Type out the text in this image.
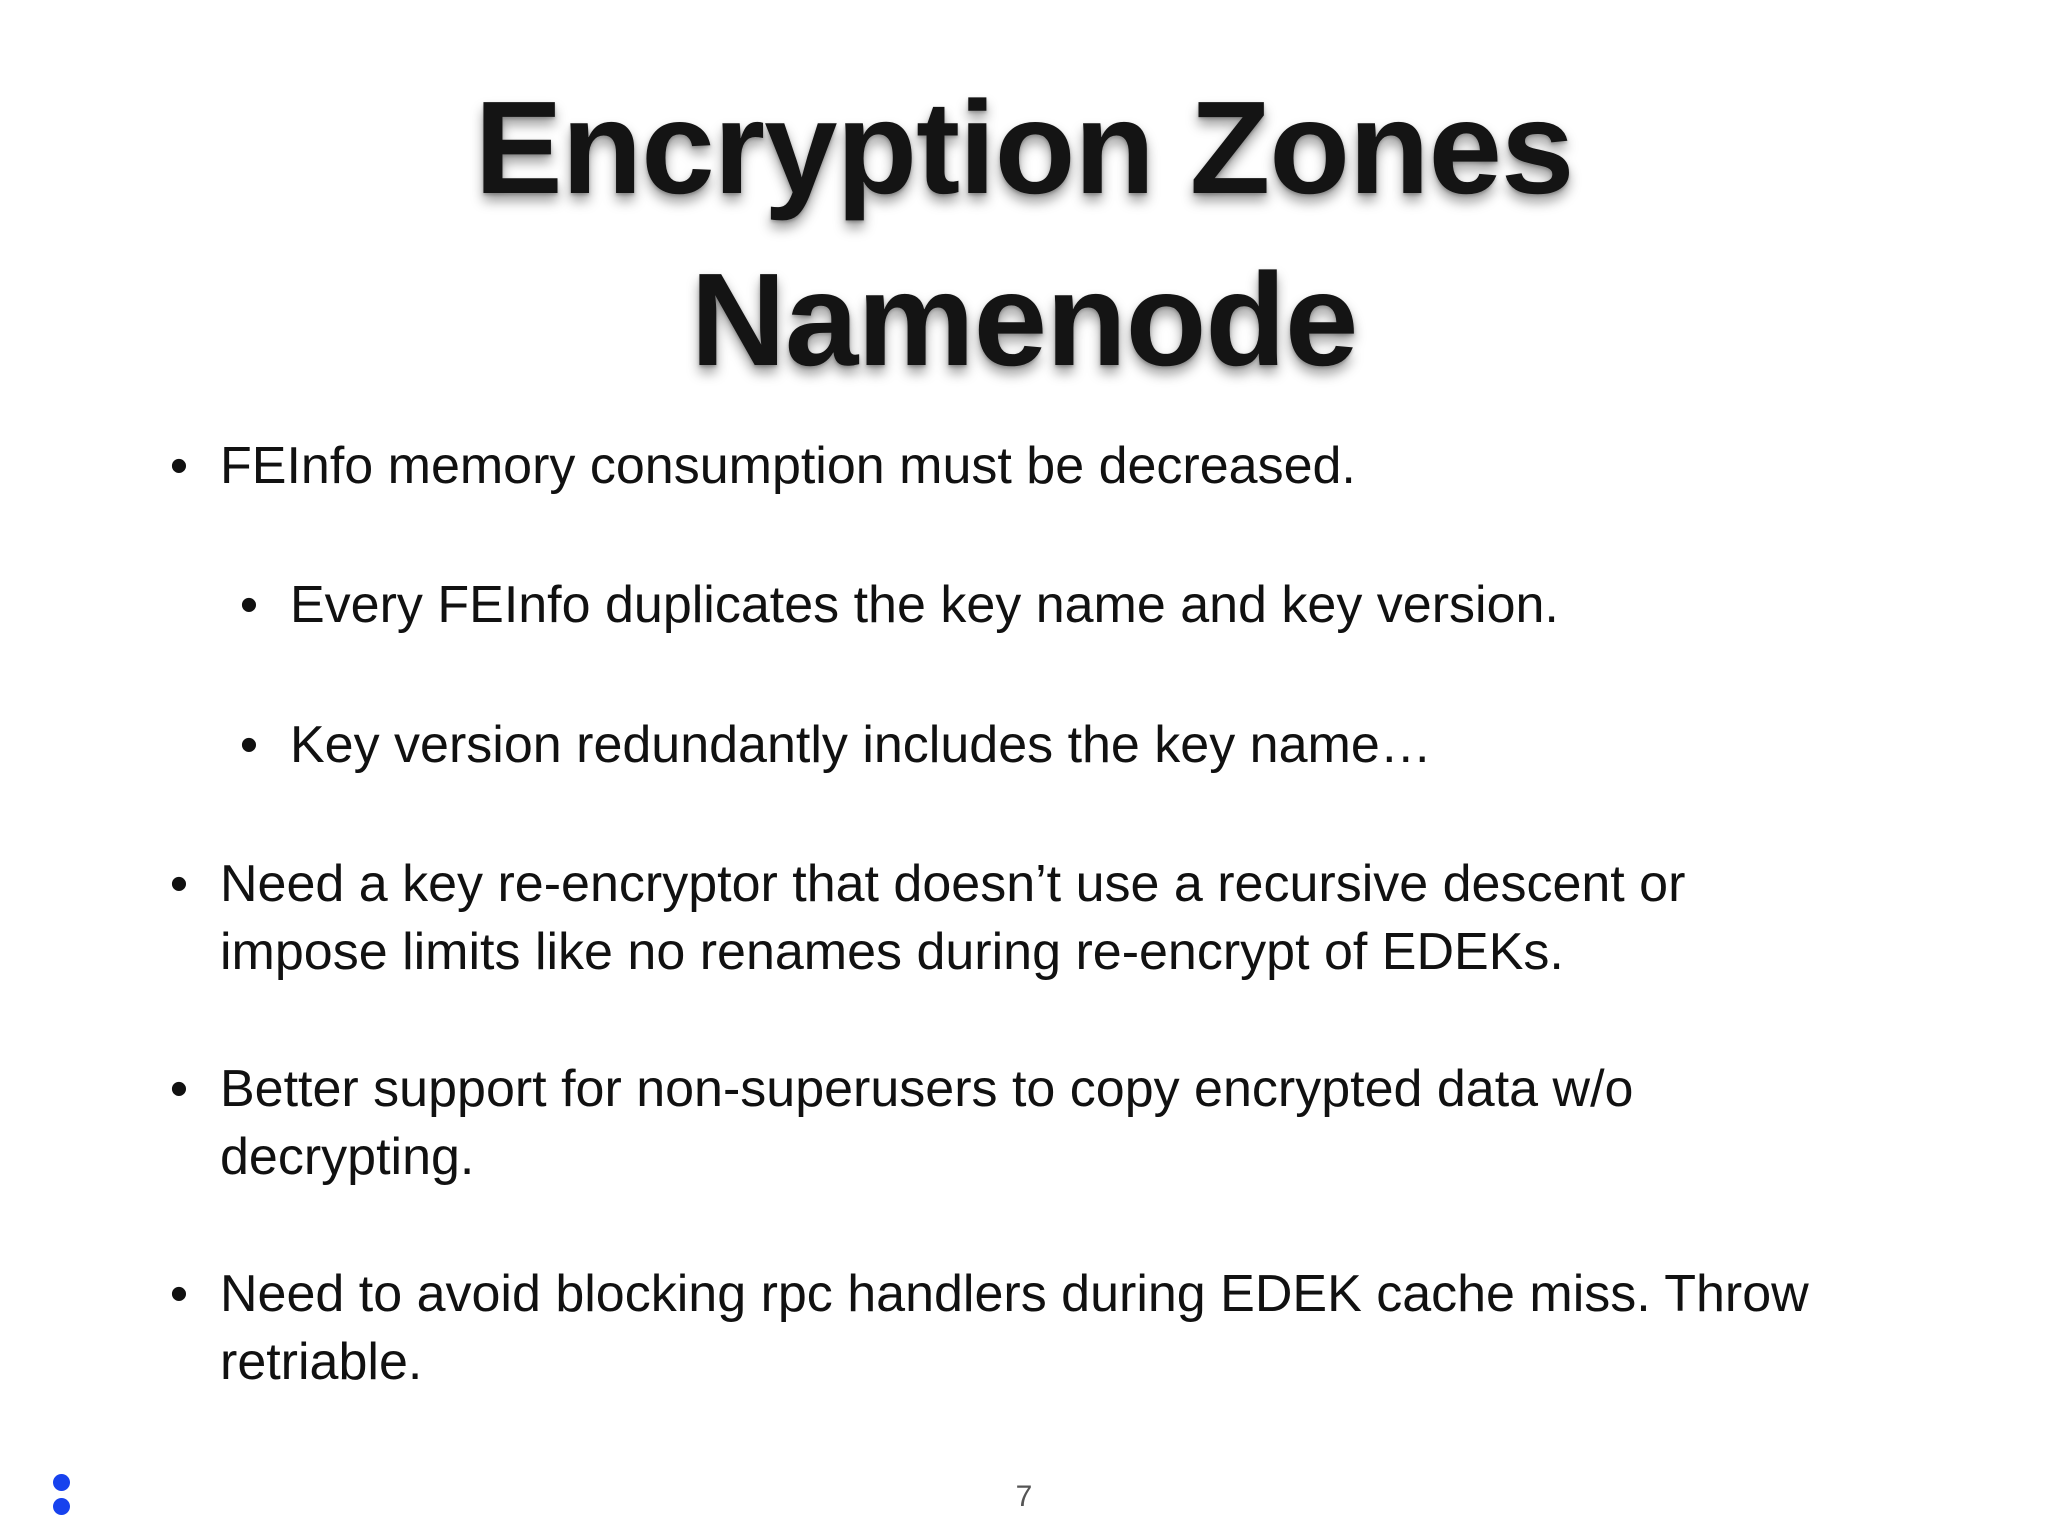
Encryption Zones
Namenode
• FEInfo memory consumption must be decreased.
• Every FEInfo duplicates the key name and key version.
• Key version redundantly includes the key name…
• Need a key re-encryptor that doesn’t use a recursive descent or impose limits like no renames during re-encrypt of EDEKs.
• Better support for non-superusers to copy encrypted data w/o decrypting.
• Need to avoid blocking rpc handlers during EDEK cache miss. Throw retriable.
7
